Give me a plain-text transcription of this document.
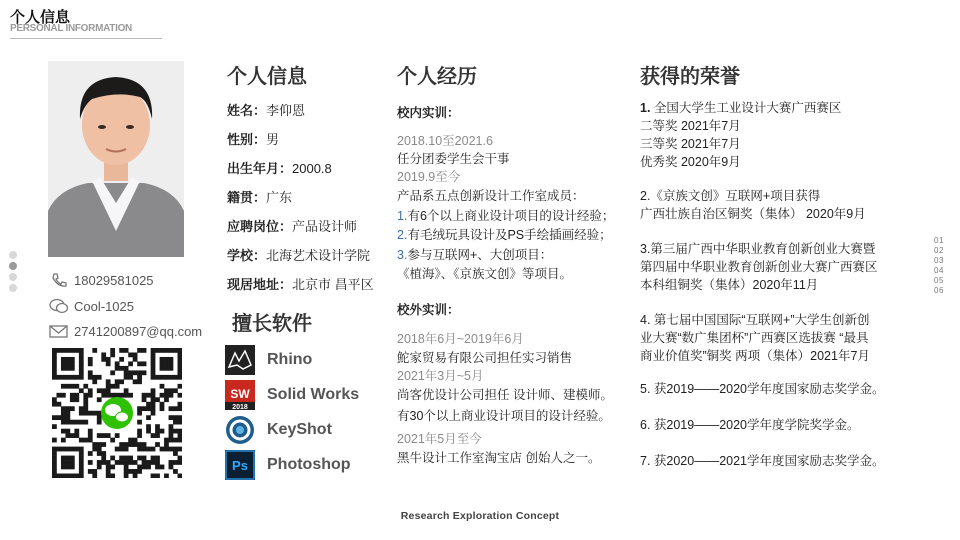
个人信息
PERSONAL INFORMATION
18029581025
Cool-1025
2741200897@qq.com
个人信息
姓名：李仰恩
性别：男
出生年月：2000.8
籍贯：广东
应聘岗位：产品设计师
学校：北海艺术设计学院
现居地址：北京市 昌平区
擅长软件
Rhino
SW
2018
Solid Works
KeyShot
Ps Photoshop
个人经历
校内实训：
2018.10至2021.6
任分团委学生会干事
2019.9至今
产品系五点创新设计工作室成员：
1.有6个以上商业设计项目的设计经验；
2.有毛绒玩具设计及PS手绘插画经验；
3.参与互联网+、大创项目：
《植海》、《京族文创》等项目。
校外实训：
2018年6月~2019年6月
鮀家贸易有限公司担任实习销售
2021年3月~5月
尚客优设计公司担任 设计师、建模师。
有30个以上商业设计项目的设计经验。
2021年5月至今
黑牛设计工作室淘宝店 创始人之一。
获得的荣誉
1. 全国大学生工业设计大赛广西赛区
二等奖 2021年7月
三等奖 2021年7月
优秀奖 2020年9月
2.《京族文创》互联网+项目获得
广西壮族自治区铜奖（集体） 2020年9月
3.第三届广西中华职业教育创新创业大赛暨
第四届中华职业教育创新创业大赛广西赛区
本科组铜奖（集体）2020年11月
4. 第七届中国国际“互联网+”大学生创新创
业大赛“数广集团杯”广西赛区选拔赛 “最具
商业价值奖”铜奖 两项（集体）2021年7月
5. 获2019——2020学年度国家励志奖学金。
6. 获2019——2020学年度学院奖学金。
7. 获2020——2021学年度国家励志奖学金。
01
02
03
04
05
06
Research Exploration Concept
